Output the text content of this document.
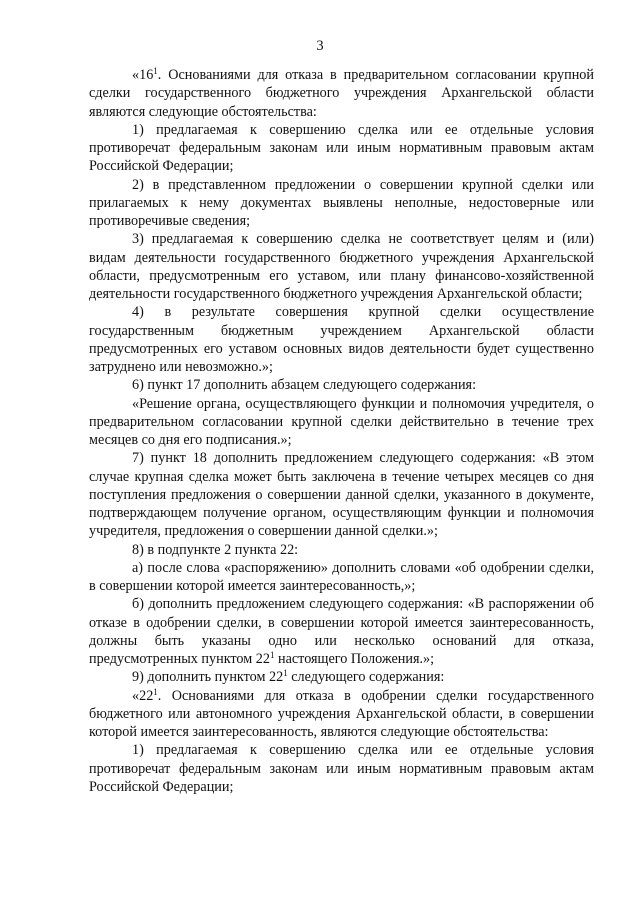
3

«$16^1$. Основаниями для отказа в предварительном согласовании крупной сделки государственного бюджетного учреждения Архангельской области являются следующие обстоятельства:

1) предлагаемая к совершению сделка или ее отдельные условия противоречат федеральным законам или иным нормативным правовым актам Российской Федерации;

2) в представленном предложении о совершении крупной сделки или прилагаемых к нему документах выявлены неполные, недостоверные или противоречивые сведения;

3) предлагаемая к совершению сделка не соответствует целям и (или) видам деятельности государственного бюджетного учреждения Архангельской области, предусмотренным его уставом, или плану финансово-хозяйственной деятельности государственного бюджетного учреждения Архангельской области;

4) в результате совершения крупной сделки осуществление государственным бюджетным учреждением Архангельской области предусмотренных его уставом основных видов деятельности будет существенно затруднено или невозможно.»;

6) пункт 17 дополнить абзацем следующего содержания:

«Решение органа, осуществляющего функции и полномочия учредителя, о предварительном согласовании крупной сделки действительно в течение трех месяцев со дня его подписания.»;

7) пункт 18 дополнить предложением следующего содержания: «В этом случае крупная сделка может быть заключена в течение четырех месяцев со дня поступления предложения о совершении данной сделки, указанного в документе, подтверждающем получение органом, осуществляющим функции и полномочия учредителя, предложения о совершении данной сделки.»;

8) в подпункте 2 пункта 22:

а) после слова «распоряжению» дополнить словами «об одобрении сделки, в совершении которой имеется заинтересованность,»;

б) дополнить предложением следующего содержания: «В распоряжении об отказе в одобрении сделки, в совершении которой имеется заинтересованность, должны быть указаны одно или несколько оснований для отказа, предусмотренных пунктом $22^1$ настоящего Положения.»;

9) дополнить пунктом $22^1$ следующего содержания:

«$22^1$. Основаниями для отказа в одобрении сделки государственного бюджетного или автономного учреждения Архангельской области, в совершении которой имеется заинтересованность, являются следующие обстоятельства:

1) предлагаемая к совершению сделка или ее отдельные условия противоречат федеральным законам или иным нормативным правовым актам Российской Федерации;
